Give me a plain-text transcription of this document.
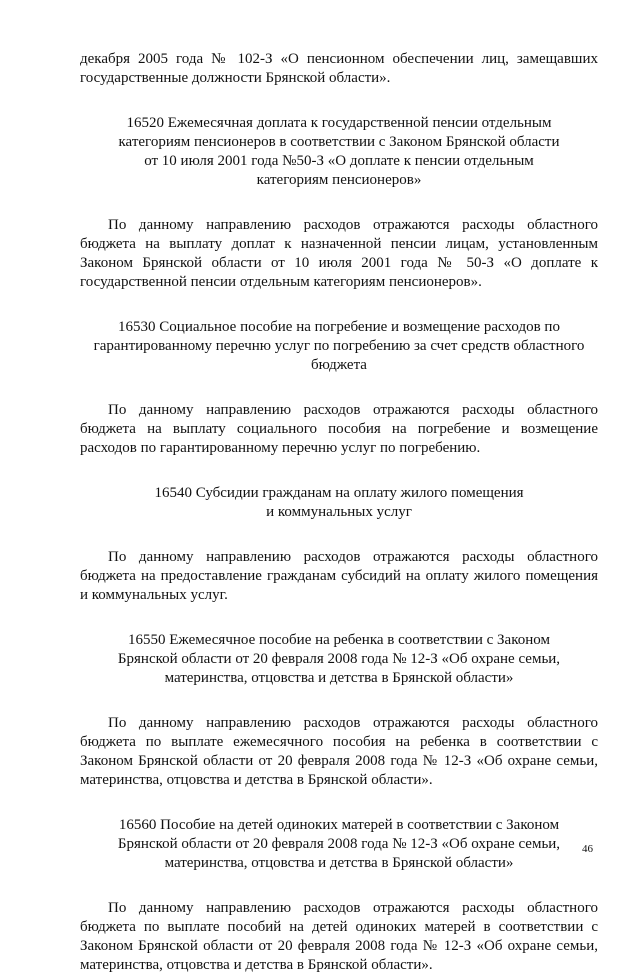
декабря 2005 года № 102-З «О пенсионном обеспечении лиц, замещавших государственные должности Брянской области».

16520 Ежемесячная доплата к государственной пенсии отдельным категориям пенсионеров в соответствии с Законом Брянской области от 10 июля 2001 года №50-З «О доплате к пенсии отдельным категориям пенсионеров»

По данному направлению расходов отражаются расходы областного бюджета на выплату доплат к назначенной пенсии лицам, установленным Законом Брянской области от 10 июля 2001 года № 50-З «О доплате к государственной пенсии отдельным категориям пенсионеров».

16530 Социальное пособие на погребение и возмещение расходов по гарантированному перечню услуг по погребению за счет средств областного бюджета

По данному направлению расходов отражаются расходы областного бюджета на выплату социального пособия на погребение и возмещение расходов по гарантированному перечню услуг по погребению.

16540 Субсидии гражданам на оплату жилого помещения и коммунальных услуг

По данному направлению расходов отражаются расходы областного бюджета на предоставление гражданам субсидий на оплату жилого помещения и коммунальных услуг.

16550 Ежемесячное пособие на ребенка в соответствии с Законом Брянской области от 20 февраля 2008 года № 12-З «Об охране семьи, материнства, отцовства и детства в Брянской области»

По данному направлению расходов отражаются расходы областного бюджета по выплате ежемесячного пособия на ребенка в соответствии с Законом Брянской области от 20 февраля 2008 года № 12-З «Об охране семьи, материнства, отцовства и детства в Брянской области».

16560 Пособие на детей одиноких матерей в соответствии с Законом Брянской области от 20 февраля 2008 года № 12-З «Об охране семьи, материнства, отцовства и детства в Брянской области»

По данному направлению расходов отражаются расходы областного бюджета по выплате пособий на детей одиноких матерей в соответствии с Законом Брянской области от 20 февраля 2008 года № 12-З «Об охране семьи, материнства, отцовства и детства в Брянской области».

46
